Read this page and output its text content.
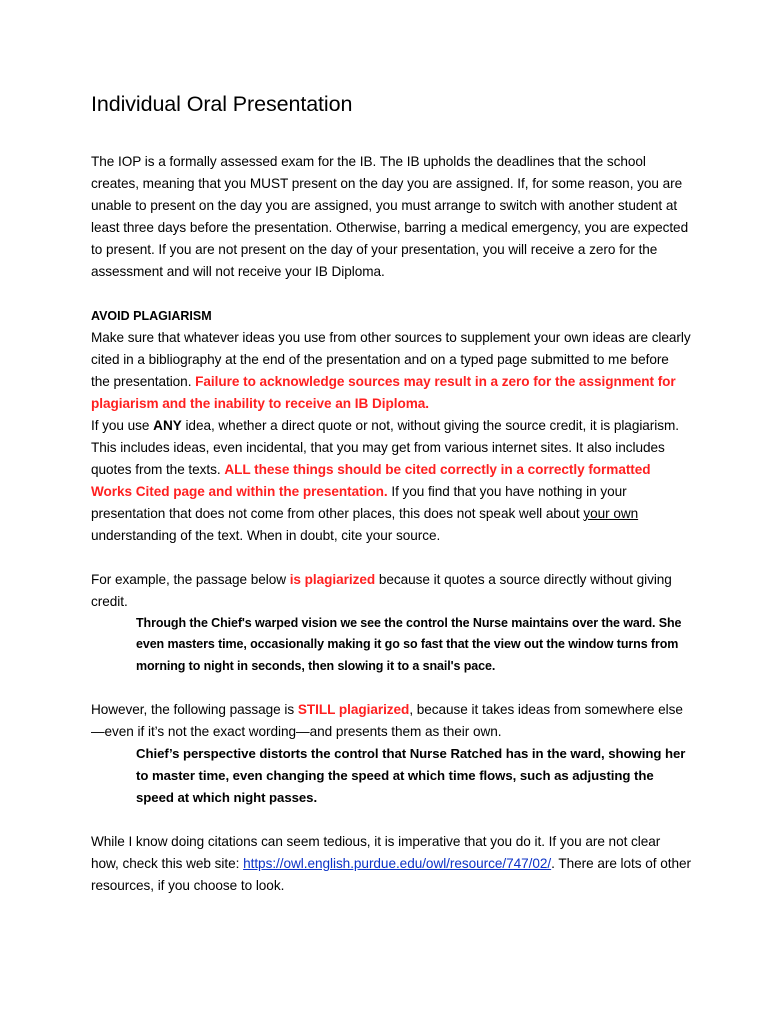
Individual Oral Presentation

The IOP is a formally assessed exam for the IB. The IB upholds the deadlines that the school creates, meaning that you MUST present on the day you are assigned. If, for some reason, you are unable to present on the day you are assigned, you must arrange to switch with another student at least three days before the presentation. Otherwise, barring a medical emergency, you are expected to present. If you are not present on the day of your presentation, you will receive a zero for the assessment and will not receive your IB Diploma.

AVOID PLAGIARISM

Make sure that whatever ideas you use from other sources to supplement your own ideas are clearly cited in a bibliography at the end of the presentation and on a typed page submitted to me before the presentation. Failure to acknowledge sources may result in a zero for the assignment for plagiarism and the inability to receive an IB Diploma.

If you use ANY idea, whether a direct quote or not, without giving the source credit, it is plagiarism. This includes ideas, even incidental, that you may get from various internet sites. It also includes quotes from the texts. ALL these things should be cited correctly in a correctly formatted Works Cited page and within the presentation. If you find that you have nothing in your presentation that does not come from other places, this does not speak well about your own understanding of the text. When in doubt, cite your source.

For example, the passage below is plagiarized because it quotes a source directly without giving credit.

Through the Chief's warped vision we see the control the Nurse maintains over the ward. She even masters time, occasionally making it go so fast that the view out the window turns from morning to night in seconds, then slowing it to a snail's pace.

However, the following passage is STILL plagiarized, because it takes ideas from somewhere else—even if it’s not the exact wording—and presents them as their own.

Chief’s perspective distorts the control that Nurse Ratched has in the ward, showing her to master time, even changing the speed at which time flows, such as adjusting the speed at which night passes.

While I know doing citations can seem tedious, it is imperative that you do it. If you are not clear how, check this web site: https://owl.english.purdue.edu/owl/resource/747/02/. There are lots of other resources, if you choose to look.
